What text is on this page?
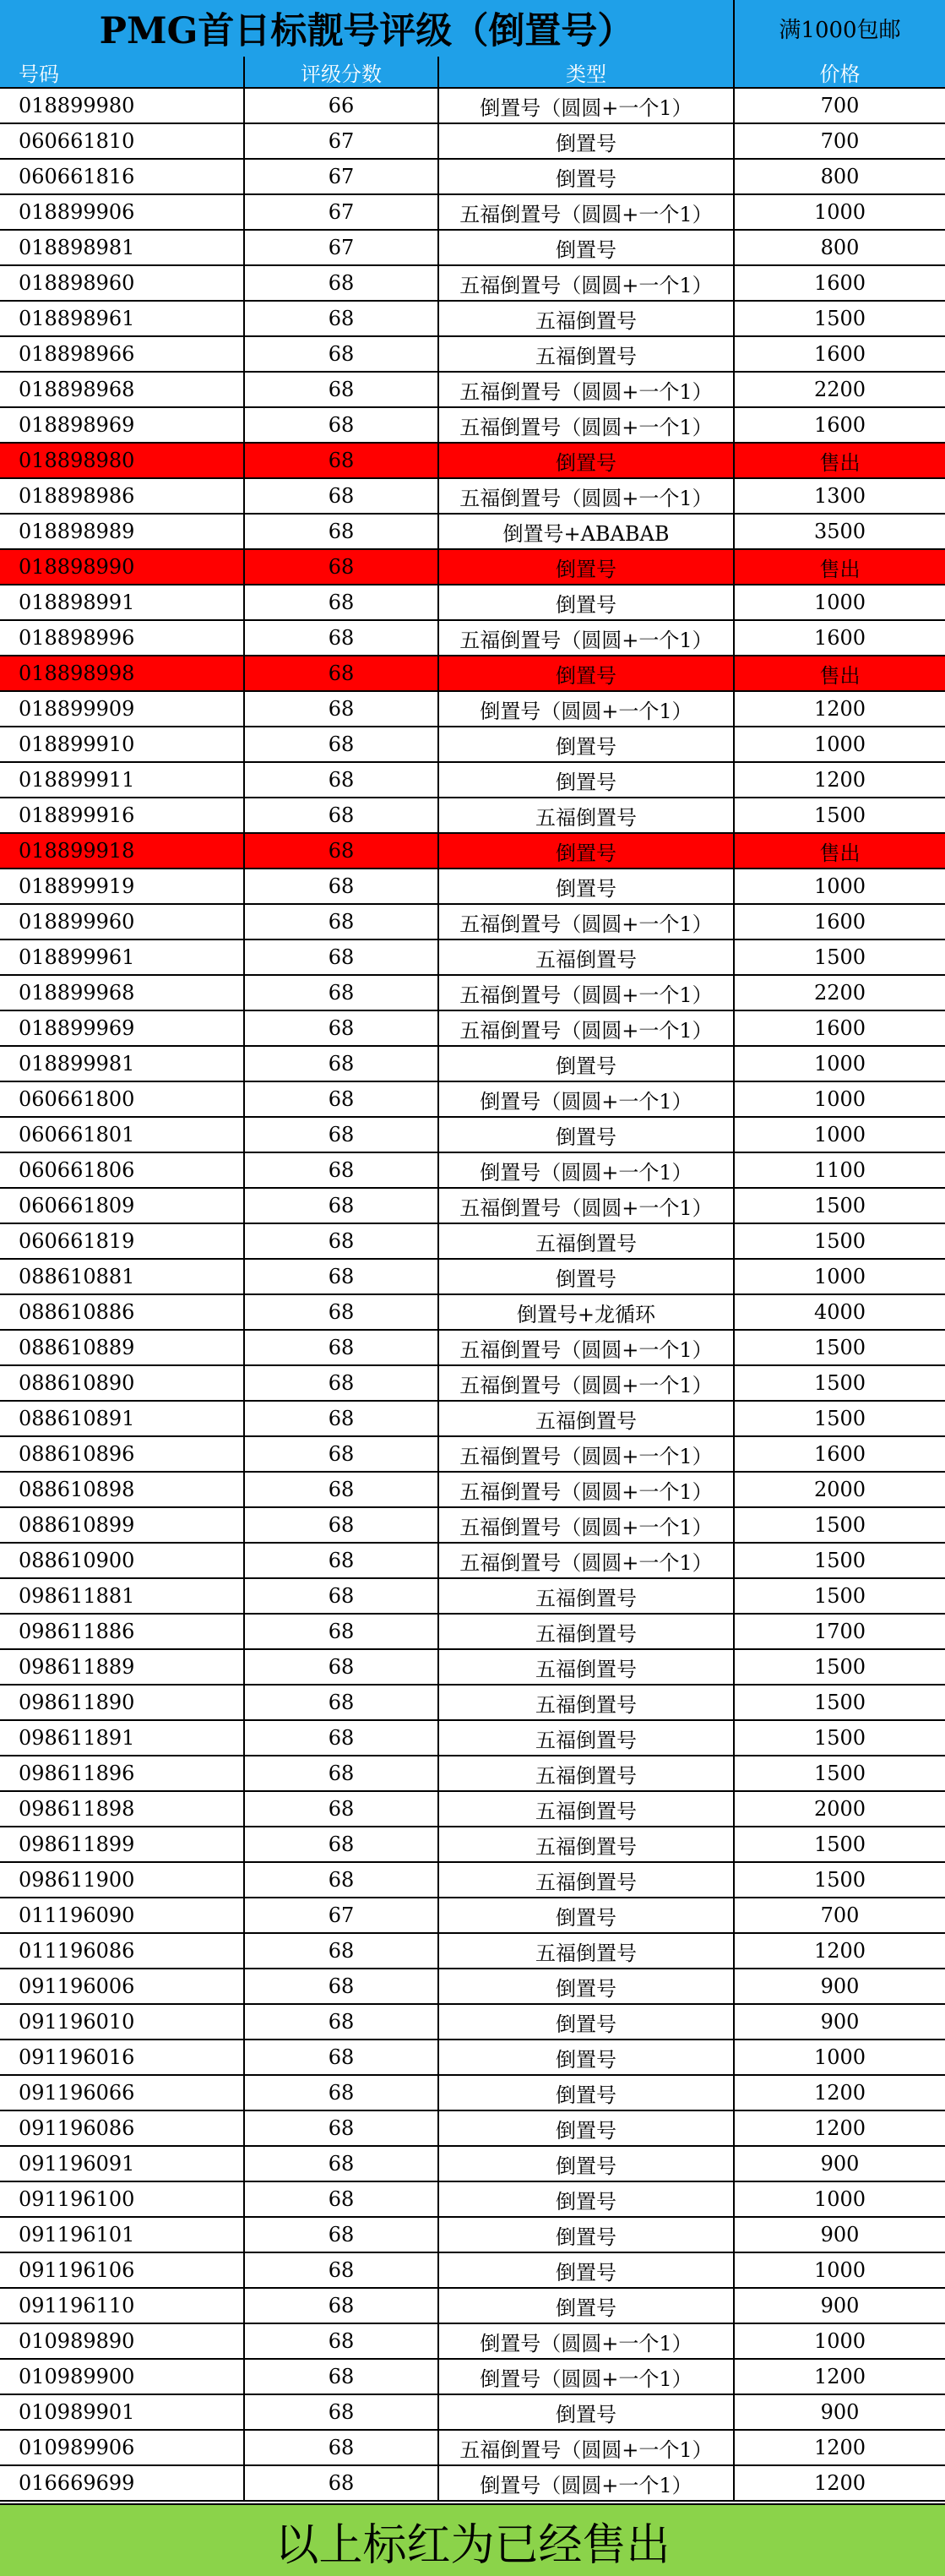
PMG首日标靓号评级（倒置号）	满1000包邮
号码	评级分数	类型	价格
018899980	66	倒置号（圆圆+一个1）	700
060661810	67	倒置号	700
060661816	67	倒置号	800
018899906	67	五福倒置号（圆圆+一个1）	1000
018898981	67	倒置号	800
018898960	68	五福倒置号（圆圆+一个1）	1600
018898961	68	五福倒置号	1500
018898966	68	五福倒置号	1600
018898968	68	五福倒置号（圆圆+一个1）	2200
018898969	68	五福倒置号（圆圆+一个1）	1600
018898980	68	倒置号	售出
018898986	68	五福倒置号（圆圆+一个1）	1300
018898989	68	倒置号+ABABAB	3500
018898990	68	倒置号	售出
018898991	68	倒置号	1000
018898996	68	五福倒置号（圆圆+一个1）	1600
018898998	68	倒置号	售出
018899909	68	倒置号（圆圆+一个1）	1200
018899910	68	倒置号	1000
018899911	68	倒置号	1200
018899916	68	五福倒置号	1500
018899918	68	倒置号	售出
018899919	68	倒置号	1000
018899960	68	五福倒置号（圆圆+一个1）	1600
018899961	68	五福倒置号	1500
018899968	68	五福倒置号（圆圆+一个1）	2200
018899969	68	五福倒置号（圆圆+一个1）	1600
018899981	68	倒置号	1000
060661800	68	倒置号（圆圆+一个1）	1000
060661801	68	倒置号	1000
060661806	68	倒置号（圆圆+一个1）	1100
060661809	68	五福倒置号（圆圆+一个1）	1500
060661819	68	五福倒置号	1500
088610881	68	倒置号	1000
088610886	68	倒置号+龙循环	4000
088610889	68	五福倒置号（圆圆+一个1）	1500
088610890	68	五福倒置号（圆圆+一个1）	1500
088610891	68	五福倒置号	1500
088610896	68	五福倒置号（圆圆+一个1）	1600
088610898	68	五福倒置号（圆圆+一个1）	2000
088610899	68	五福倒置号（圆圆+一个1）	1500
088610900	68	五福倒置号（圆圆+一个1）	1500
098611881	68	五福倒置号	1500
098611886	68	五福倒置号	1700
098611889	68	五福倒置号	1500
098611890	68	五福倒置号	1500
098611891	68	五福倒置号	1500
098611896	68	五福倒置号	1500
098611898	68	五福倒置号	2000
098611899	68	五福倒置号	1500
098611900	68	五福倒置号	1500
011196090	67	倒置号	700
011196086	68	五福倒置号	1200
091196006	68	倒置号	900
091196010	68	倒置号	900
091196016	68	倒置号	1000
091196066	68	倒置号	1200
091196086	68	倒置号	1200
091196091	68	倒置号	900
091196100	68	倒置号	1000
091196101	68	倒置号	900
091196106	68	倒置号	1000
091196110	68	倒置号	900
010989890	68	倒置号（圆圆+一个1）	1000
010989900	68	倒置号（圆圆+一个1）	1200
010989901	68	倒置号	900
010989906	68	五福倒置号（圆圆+一个1）	1200
016669699	68	倒置号（圆圆+一个1）	1200
以上标红为已经售出
